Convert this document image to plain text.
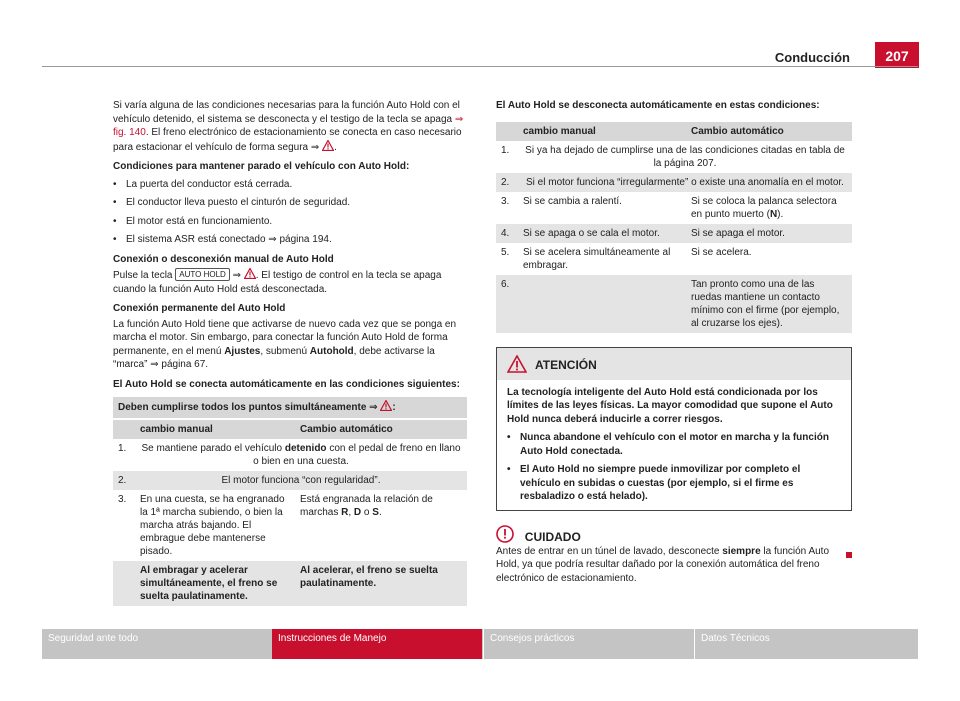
Conducción	207

Si varía alguna de las condiciones necesarias para la función Auto Hold con el vehículo detenido, el sistema se desconecta y el testigo de la tecla se apaga ⇒ fig. 140. El freno electrónico de estacionamiento se conecta en caso necesario para estacionar el vehículo de forma segura ⇒ .

Condiciones para mantener parado el vehículo con Auto Hold:

• La puerta del conductor está cerrada.
• El conductor lleva puesto el cinturón de seguridad.
• El motor está en funcionamiento.
• El sistema ASR está conectado ⇒ página 194.

Conexión o desconexión manual de Auto Hold

Pulse la tecla AUTO HOLD ⇒ . El testigo de control en la tecla se apaga cuando la función Auto Hold está desconectada.

Conexión permanente del Auto Hold

La función Auto Hold tiene que activarse de nuevo cada vez que se ponga en marcha el motor. Sin embargo, para conectar la función Auto Hold de forma permanente, en el menú Ajustes, submenú Autohold, debe activarse la “marca” ⇒ página 67.

El Auto Hold se conecta automáticamente en las condiciones siguientes:

Deben cumplirse todos los puntos simultáneamente ⇒ :
	cambio manual	Cambio automático
1.	Se mantiene parado el vehículo detenido con el pedal de freno en llano o bien en una cuesta.	
2.	El motor funciona “con regularidad”.	
3.	En una cuesta, se ha engranado la 1ª marcha subiendo, o bien la marcha atrás bajando. El embrague debe mantenerse pisado.	Está engranada la relación de marchas R, D o S.
	Al embragar y acelerar simultáneamente, el freno se suelta paulatinamente.	Al acelerar, el freno se suelta paulatinamente.

El Auto Hold se desconecta automáticamente en estas condiciones:

	cambio manual	Cambio automático
1.	Si ya ha dejado de cumplirse una de las condiciones citadas en tabla de la página 207.	
2.	Si el motor funciona “irregularmente” o existe una anomalía en el motor.	
3.	Si se cambia a ralentí.	Si se coloca la palanca selectora en punto muerto (N).
4.	Si se apaga o se cala el motor.	Si se apaga el motor.
5.	Si se acelera simultáneamente al embragar.	Si se acelera.
6.		Tan pronto como una de las ruedas mantiene un contacto mínimo con el firme (por ejemplo, al cruzarse los ejes).
ATENCIÓN

La tecnología inteligente del Auto Hold está condicionada por los límites de las leyes físicas. La mayor comodidad que supone el Auto Hold nunca deberá inducirle a correr riesgos.

• Nunca abandone el vehículo con el motor en marcha y la función Auto Hold conectada.
• El Auto Hold no siempre puede inmovilizar por completo el vehículo en subidas o cuestas (por ejemplo, si el firme es resbaladizo o está helado).
CUIDADO

Antes de entrar en un túnel de lavado, desconecte siempre la función Auto Hold, ya que podría resultar dañado por la conexión automática del freno electrónico de estacionamiento.

Seguridad ante todo	Instrucciones de Manejo	Consejos prácticos	Datos Técnicos
